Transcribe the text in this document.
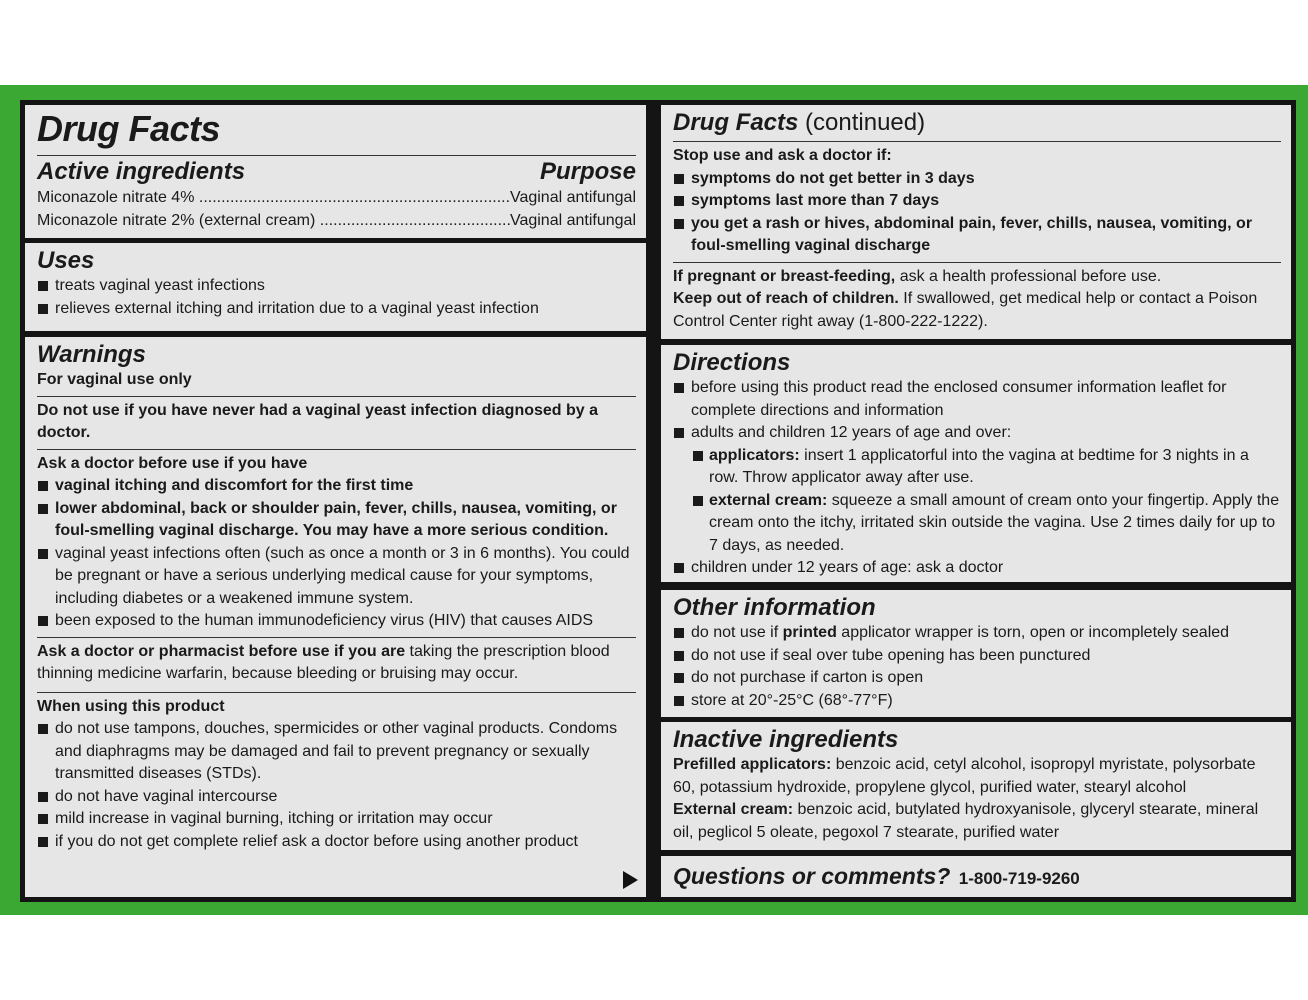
Drug Facts
Active ingredients	Purpose
Miconazole nitrate 4% .....	Vaginal antifungal
Miconazole nitrate 2% (external cream) .....	Vaginal antifungal
Uses
treats vaginal yeast infections
relieves external itching and irritation due to a vaginal yeast infection
Warnings
For vaginal use only
Do not use if you have never had a vaginal yeast infection diagnosed by a doctor.
Ask a doctor before use if you have
vaginal itching and discomfort for the first time
lower abdominal, back or shoulder pain, fever, chills, nausea, vomiting, or foul-smelling vaginal discharge. You may have a more serious condition.
vaginal yeast infections often (such as once a month or 3 in 6 months). You could be pregnant or have a serious underlying medical cause for your symptoms, including diabetes or a weakened immune system.
been exposed to the human immunodeficiency virus (HIV) that causes AIDS
Ask a doctor or pharmacist before use if you are taking the prescription blood thinning medicine warfarin, because bleeding or bruising may occur.
When using this product
do not use tampons, douches, spermicides or other vaginal products. Condoms and diaphragms may be damaged and fail to prevent pregnancy or sexually transmitted diseases (STDs).
do not have vaginal intercourse
mild increase in vaginal burning, itching or irritation may occur
if you do not get complete relief ask a doctor before using another product
Drug Facts (continued)
Stop use and ask a doctor if:
symptoms do not get better in 3 days
symptoms last more than 7 days
you get a rash or hives, abdominal pain, fever, chills, nausea, vomiting, or foul-smelling vaginal discharge
If pregnant or breast-feeding, ask a health professional before use.
Keep out of reach of children. If swallowed, get medical help or contact a Poison Control Center right away (1-800-222-1222).
Directions
before using this product read the enclosed consumer information leaflet for complete directions and information
adults and children 12 years of age and over:
applicators: insert 1 applicatorful into the vagina at bedtime for 3 nights in a row. Throw applicator away after use.
external cream: squeeze a small amount of cream onto your fingertip. Apply the cream onto the itchy, irritated skin outside the vagina. Use 2 times daily for up to 7 days, as needed.
children under 12 years of age: ask a doctor
Other information
do not use if printed applicator wrapper is torn, open or incompletely sealed
do not use if seal over tube opening has been punctured
do not purchase if carton is open
store at 20°-25°C (68°-77°F)
Inactive ingredients
Prefilled applicators: benzoic acid, cetyl alcohol, isopropyl myristate, polysorbate 60, potassium hydroxide, propylene glycol, purified water, stearyl alcohol
External cream: benzoic acid, butylated hydroxyanisole, glyceryl stearate, mineral oil, peglicol 5 oleate, pegoxol 7 stearate, purified water
Questions or comments? 1-800-719-9260
